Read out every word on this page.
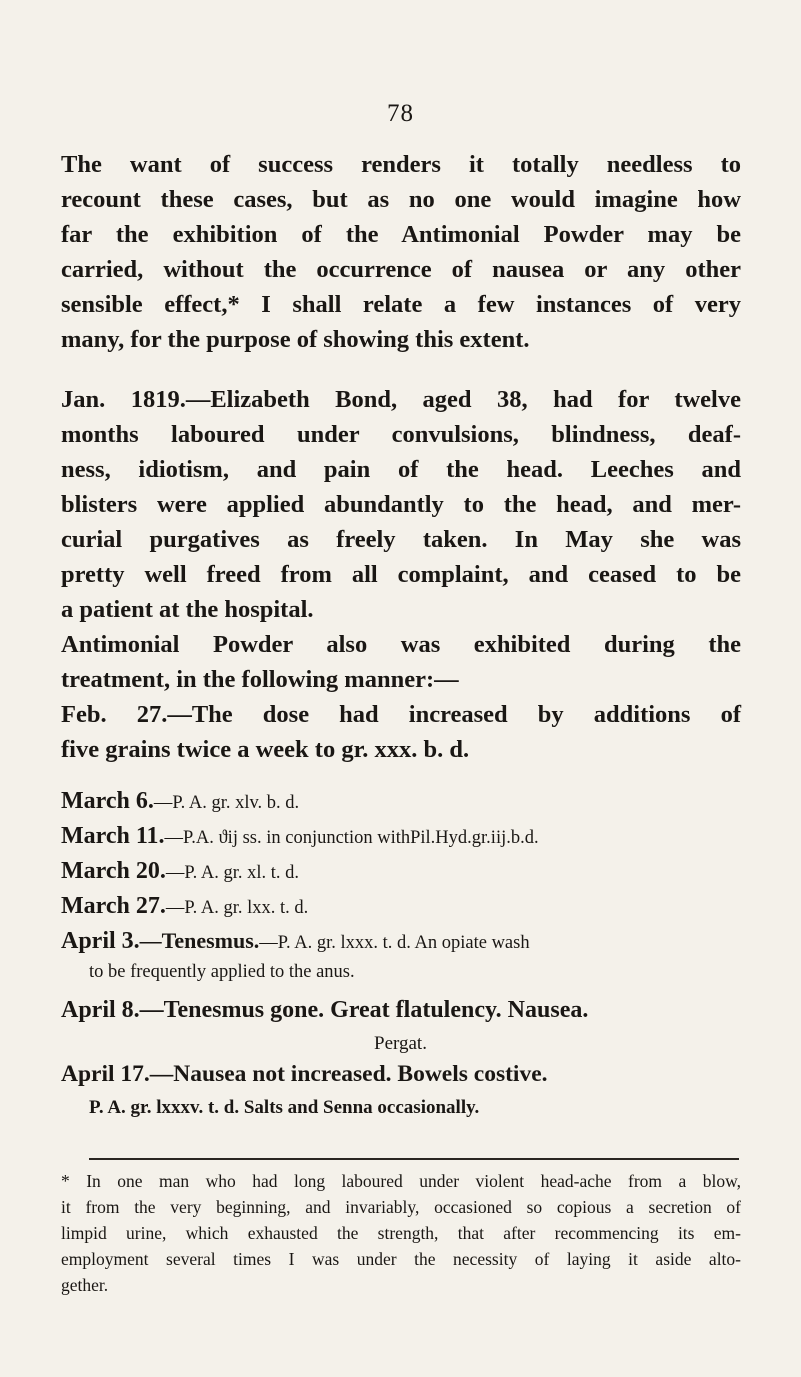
78

The want of success renders it totally needless to
recount these cases, but as no one would imagine how
far the exhibition of the Antimonial Powder may be
carried, without the occurrence of nausea or any other
sensible effect,* I shall relate a few instances of very
many, for the purpose of showing this extent.

Jan. 1819.—Elizabeth Bond, aged 38, had for twelve
months laboured under convulsions, blindness, deaf-
ness, idiotism, and pain of the head. Leeches and
blisters were applied abundantly to the head, and mer-
curial purgatives as freely taken. In May she was
pretty well freed from all complaint, and ceased to be
a patient at the hospital.
Antimonial Powder also was exhibited during the
treatment, in the following manner:—
Feb. 27.—The dose had increased by additions of
five grains twice a week to gr. xxx. b. d.

March 6.—P. A. gr. xlv. b. d.
March 11.—P.A. ϑij ss. in conjunction withPil.Hyd.gr.iij.b.d.
March 20.—P. A. gr. xl. t. d.
March 27.—P. A. gr. lxx. t. d.
April 3.—Tenesmus.—P. A. gr. lxxx. t. d. An opiate wash
to be frequently applied to the anus.
April 8.—Tenesmus gone. Great flatulency. Nausea.
Pergat.
April 17.—Nausea not increased. Bowels costive.

* In one man who had long laboured under violent head-ache from a blow,
it from the very beginning, and invariably, occasioned so copious a secretion of
limpid urine, which exhausted the strength, that after recommencing its em-
employment several times I was under the necessity of laying it aside alto-
gether.

P. A. gr. lxxxv. t. d. Salts and Senna occasionally.
